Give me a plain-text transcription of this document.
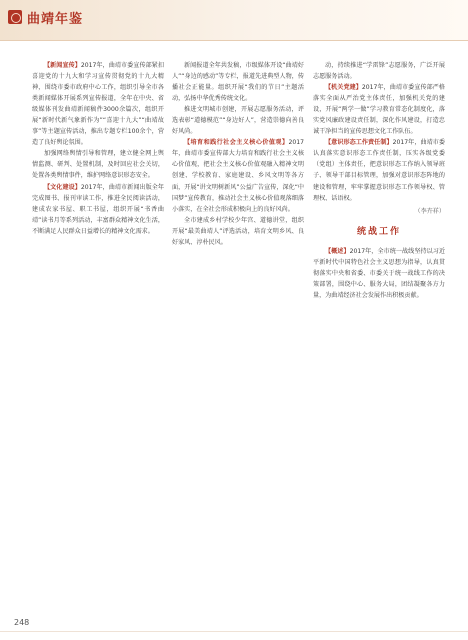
曲靖年鉴

【新闻宣传】2017年，曲靖市委宣传部紧扣喜迎党的十九大和学习宣传贯彻党的十九大精神，围绕市委市政府中心工作，组织引导全市各类新闻媒体开展系列宣传报道，全年在中央、省级媒体刊发曲靖新闻稿件3000余篇次，组织开展“新时代新气象新作为”“喜迎十九大”“曲靖故事”等主题宣传活动，推出专题专栏100余个，营造了良好舆论氛围。

加强网络舆情引导和管理，建立健全网上舆情监测、研判、处置机制，及时回应社会关切，处置各类舆情事件，维护网络意识形态安全。

【文化建设】2017年，曲靖市新闻出版全年完成图书、报刊审读工作，推进全民阅读活动，建成农家书屋、职工书屋，组织开展“书香曲靖”读书月等系列活动，丰富群众精神文化生活，不断满足人民群众日益增长的精神文化需求。

新闻报道全年共发稿，市级媒体开设“曲靖好人”“身边的感动”等专栏，报道先进典型人物，传播社会正能量。组织开展“我们的节日”主题活动，弘扬中华优秀传统文化。

推进文明城市创建，开展志愿服务活动，评选表彰“道德模范”“身边好人”，营造崇德向善良好风尚。

【培育和践行社会主义核心价值观】2017年，曲靖市委宣传部大力培育和践行社会主义核心价值观，把社会主义核心价值观融入精神文明创建、学校教育、家庭建设、乡风文明等各方面，开展“讲文明树新风”公益广告宣传，深化“中国梦”宣传教育，推动社会主义核心价值观落细落小落实，在全社会形成积极向上的良好风尚。

全市建成乡村学校少年宫、道德讲堂，组织开展“最美曲靖人”评选活动，培育文明乡风、良好家风、淳朴民风。

动，持续推进“学雷锋”志愿服务，广泛开展志愿服务活动。

【机关党建】2017年，曲靖市委宣传部严格落实全面从严治党主体责任，加强机关党的建设，开展“两学一做”学习教育常态化制度化，落实党风廉政建设责任制，深化作风建设，打造忠诚干净担当的宣传思想文化工作队伍。

【意识形态工作责任制】2017年，曲靖市委认真落实意识形态工作责任制，压实各级党委（党组）主体责任，把意识形态工作纳入领导班子、领导干部目标管理，加强对意识形态阵地的建设和管理，牢牢掌握意识形态工作领导权、管理权、话语权。

（李卉祥）
统战工作

【概述】2017年，全市统一战线坚持以习近平新时代中国特色社会主义思想为指导，认真贯彻落实中央和省委、市委关于统一战线工作的决策部署，围绕中心、服务大局，团结凝聚各方力量，为曲靖经济社会发展作出积极贡献。

248
